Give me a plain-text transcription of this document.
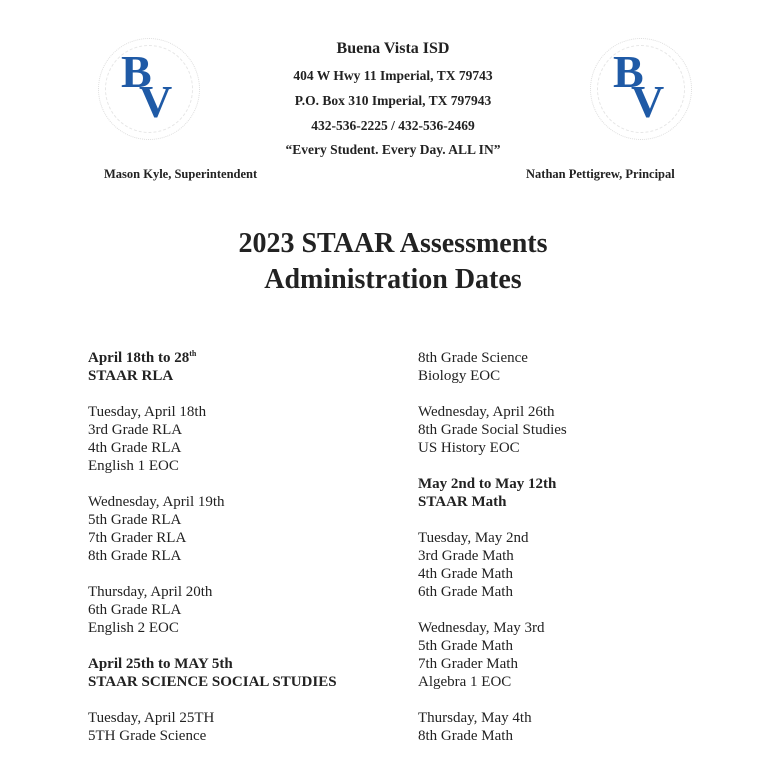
B
V
B
V
Buena Vista ISD
404 W Hwy 11 Imperial, TX 79743
P.O. Box 310 Imperial, TX 797943
432-536-2225 / 432-536-2469
“Every Student. Every Day. ALL IN”
Mason Kyle, Superintendent	Nathan Pettigrew, Principal
2023 STAAR Assessments
Administration Dates
April 18th to 28th
STAAR RLA
Tuesday, April 18th
3rd Grade RLA
4th Grade RLA
English 1 EOC
Wednesday, April 19th
5th Grade RLA
7th Grader RLA
8th Grade RLA
Thursday, April 20th
6th Grade RLA
English 2 EOC
April 25th to MAY 5th
STAAR SCIENCE SOCIAL STUDIES
Tuesday, April 25TH
5TH Grade Science
8th Grade Science
Biology EOC
Wednesday, April 26th
8th Grade Social Studies
US History EOC
May 2nd to May 12th
STAAR Math
Tuesday, May 2nd
3rd Grade Math
4th Grade Math
6th Grade Math
Wednesday, May 3rd
5th Grade Math
7th Grader Math
Algebra 1 EOC
Thursday, May 4th
8th Grade Math
